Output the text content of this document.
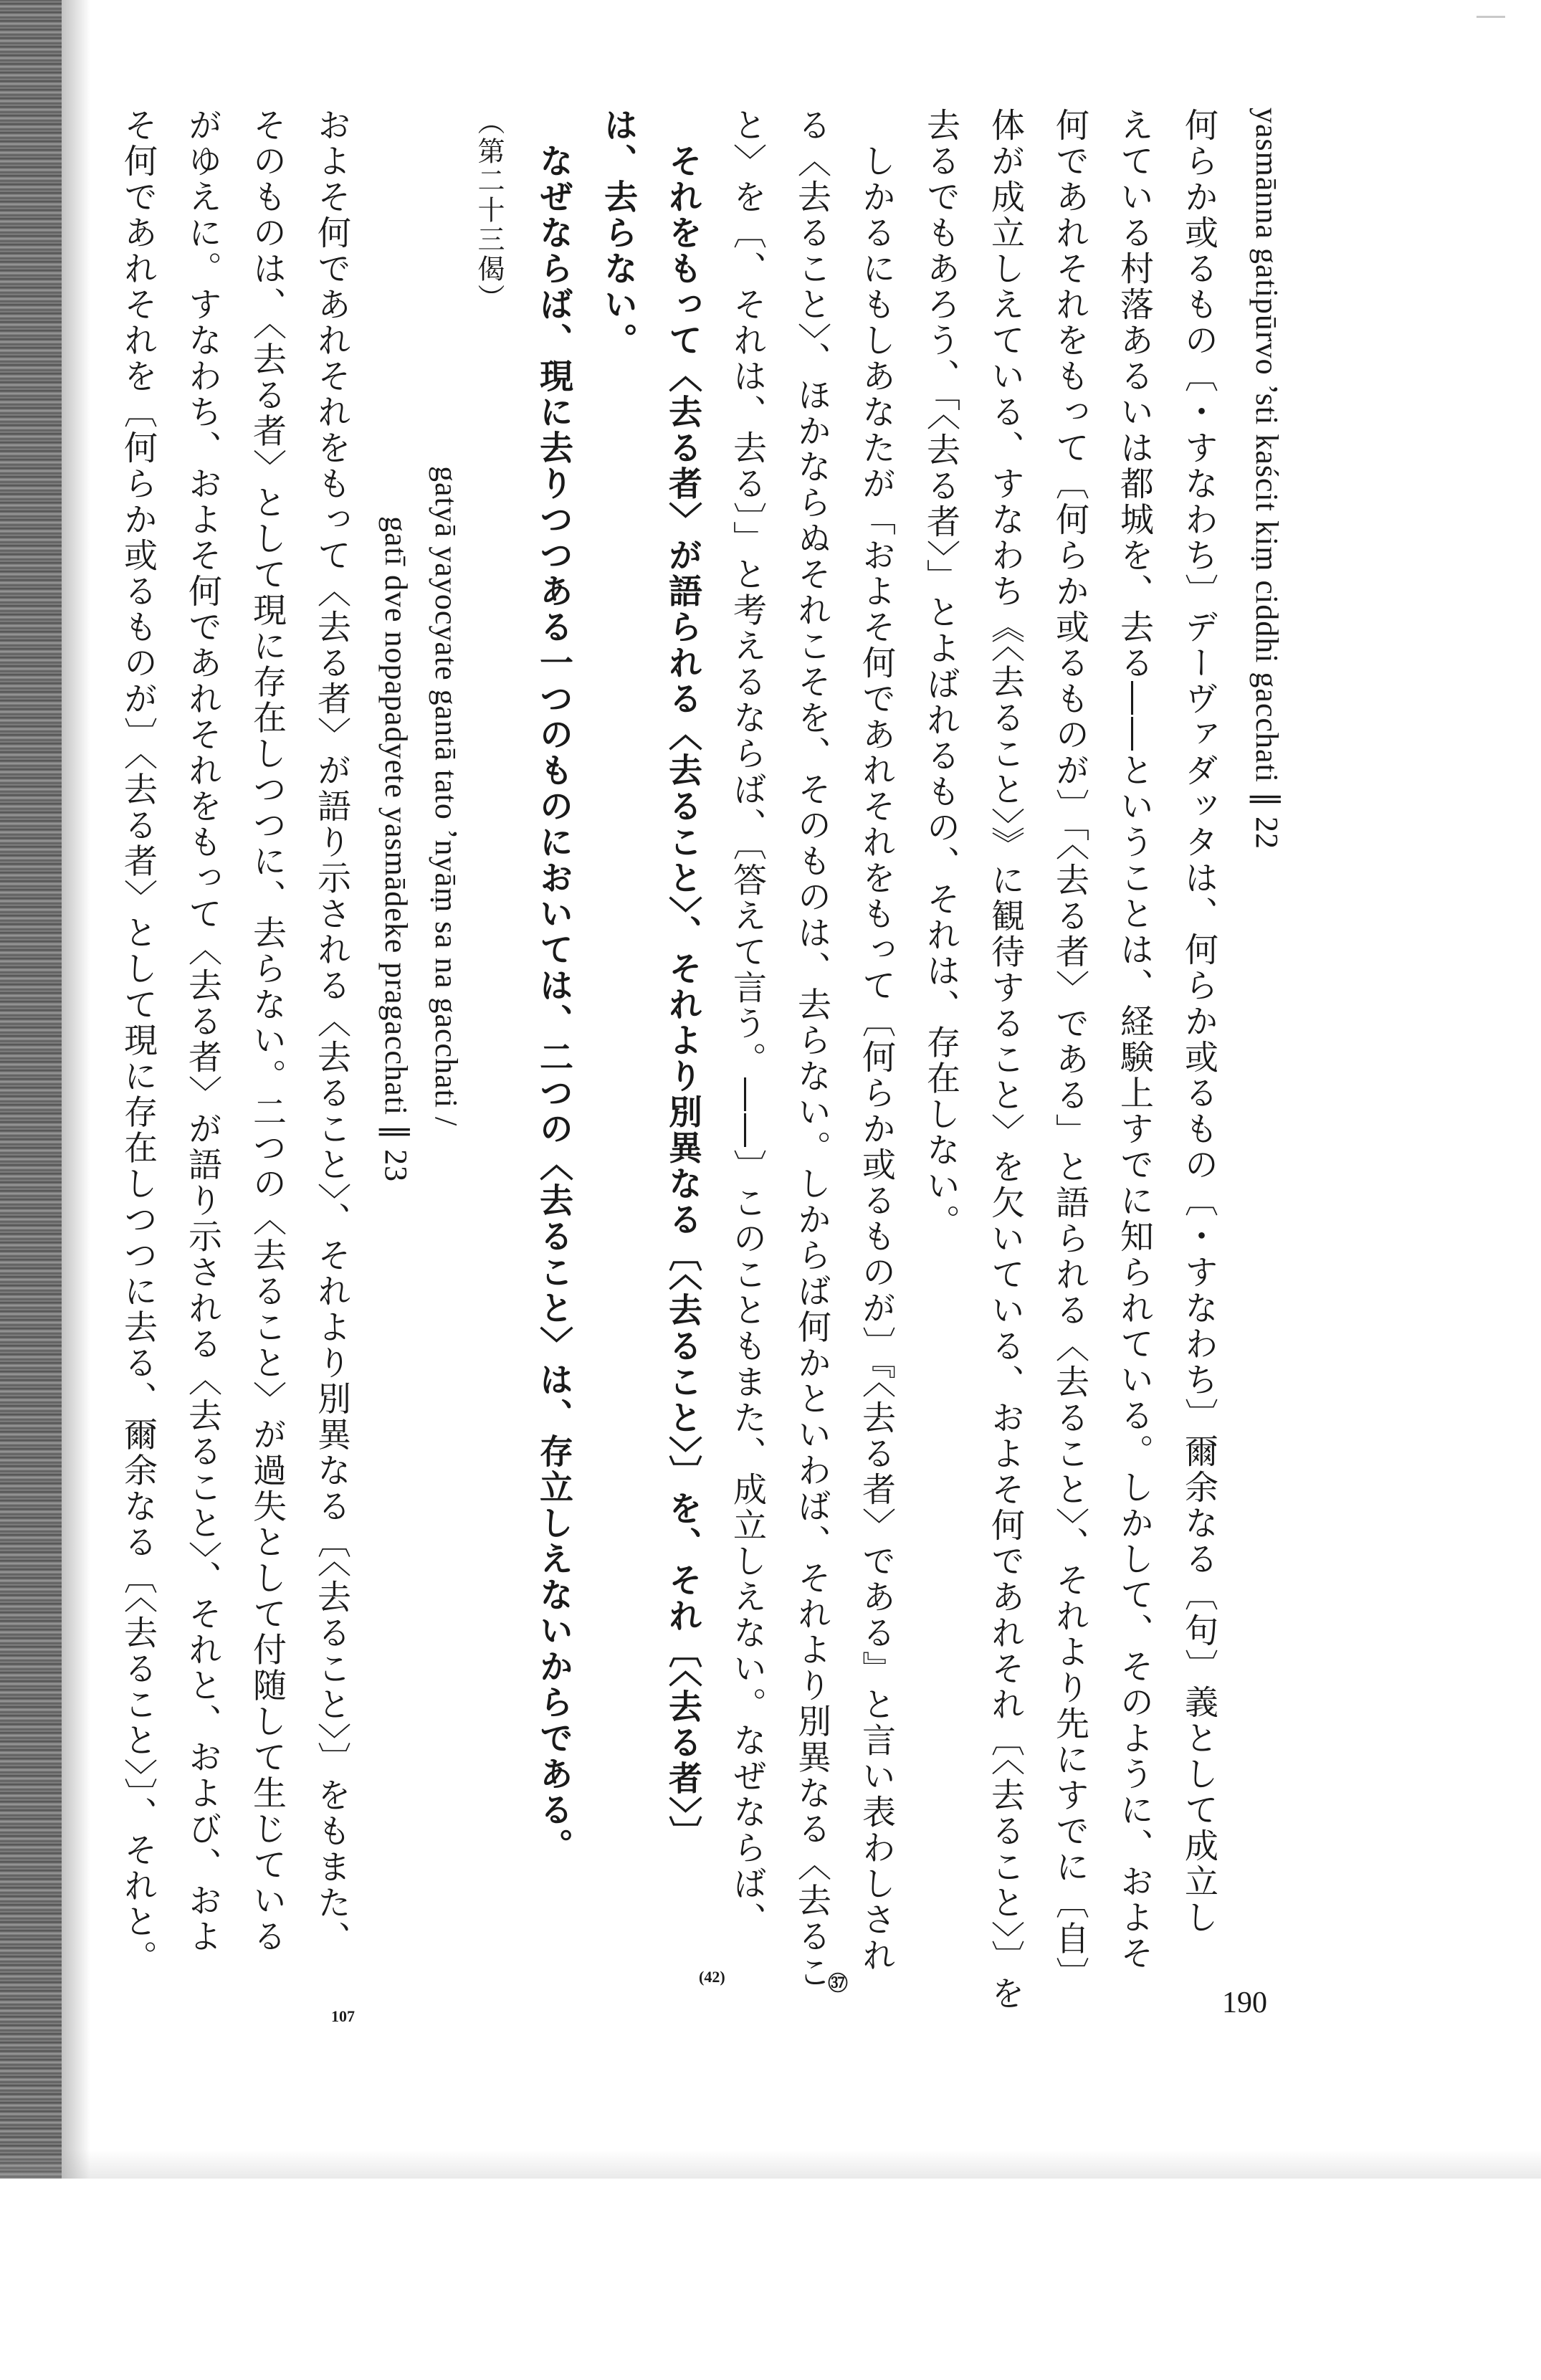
yasmānna gatipūrvo ’sti kaścit kiṃ ciddhi gacchati ∥ 22
何らか或るもの〔・すなわち〕デーヴァダッタは、何らか或るもの〔・すなわち〕爾余なる〔句〕義として成立し
えている村落あるいは都城を、去る――ということは、経験上すでに知られている。しかして、そのように、およそ
何であれそれをもって〔何らか或るものが〕「〈去る者〉である」と語られる〈去ること〉、それより先にすでに〔自〕
体が成立しえている、すなわち《〈去ること〉》に観待すること〉を欠いている、およそ何であれそれ〔〈去ること〉〕を
去るでもあろう、「〈去る者〉」とよばれるもの、それは、存在しない。
　しかるにもしあなたが「およそ何であれそれをもって〔何らか或るものが〕『〈去る者〉である』と言い表わしされ
る〈去ること〉、ほかならぬそれこそを、そのものは、去らない。しからば何かといわば、それより別異なる〈去るこ
と〉を〔、それは、去る〕」と考えるならば、〔答えて言う。――〕このこともまた、成立しえない。なぜならば、
　それをもって〈去る者〉が語られる〈去ること〉、それより別異なる〔〈去ること〉〕を、それ〔〈去る者〉〕
は、去らない。
　なぜならば、現に去りつつある一つのものにおいては、二つの〈去ること〉は、存立しえないからである。
（第二十三偈）
gatyā yayocyate gantā tato ’nyāṃ sa na gacchati /
gatī dve nopapadyete yasmādeke pragacchati ∥ 23
およそ何であれそれをもって〈去る者〉が語り示される〈去ること〉、それより別異なる〔〈去ること〉〕をもまた、
そのものは、〈去る者〉として現に存在しつつに、去らない。二つの〈去ること〉が過失として付随して生じている
がゆえに。すなわち、およそ何であれそれをもって〈去る者〉が語り示される〈去ること〉、それと、および、およ
そ何であれそれを〔何らか或るものが〕〈去る者〉として現に存在しつつに去る、爾余なる〔〈去ること〉〕、それと。
㊲
(42)
107	190
